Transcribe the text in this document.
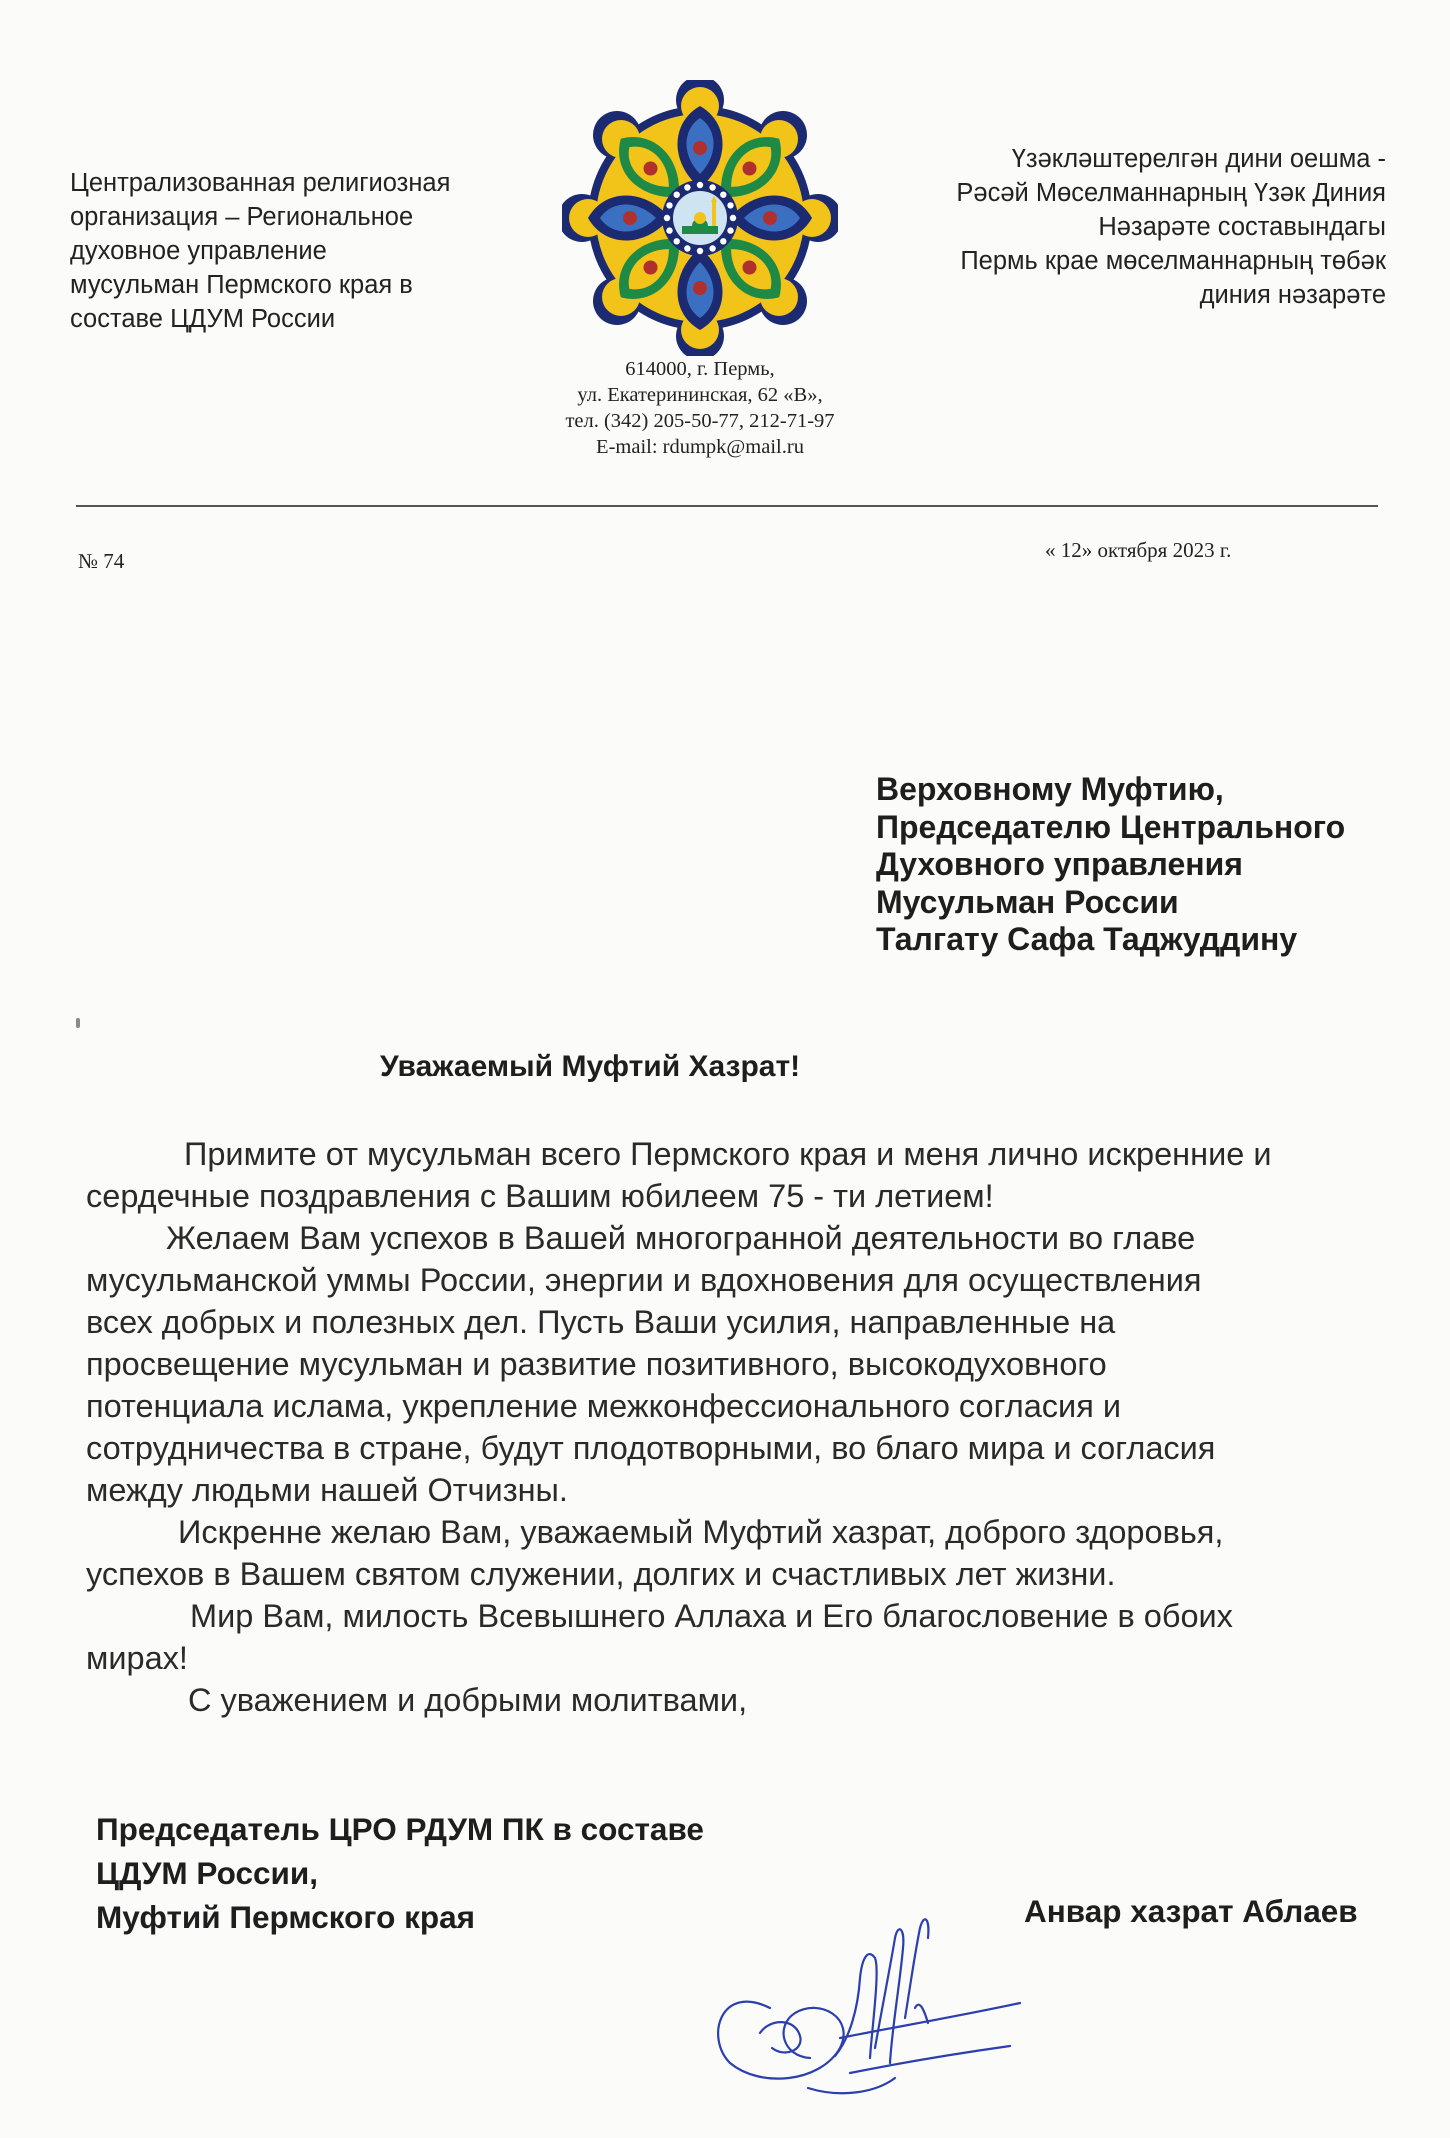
Централизованная религиозная
организация – Региональное
духовное управление
мусульман Пермского края в
составе ЦДУМ России
Үзәкләштерелгән дини оешма -
Рәсәй Мөселманнарның Үзәк Диния
Нәзарәте составындагы
Пермь крае мөселманнарның төбәк
диния нәзарәте
614000, г. Пермь,
ул. Екатерининская, 62 «В»,
тел. (342) 205-50-77, 212-71-97
E-mail: rdumpk@mail.ru
№ 74	« 12» октября 2023 г.
Верховному Муфтию,
Председателю Центрального
Духовного управления
Мусульман России
Талгату Сафа Таджуддину
Уважаемый Муфтий Хазрат!
Примите от мусульман всего Пермского края и меня лично искренние и
сердечные поздравления с Вашим юбилеем 75 - ти летием!
Желаем Вам успехов в Вашей многогранной деятельности во главе
мусульманской уммы России, энергии и вдохновения для осуществления
всех добрых и полезных дел. Пусть Ваши усилия, направленные на
просвещение мусульман и развитие позитивного, высокодуховного
потенциала ислама, укрепление межконфессионального согласия и
сотрудничества в стране, будут плодотворными, во благо мира и согласия
между людьми нашей Отчизны.
Искренне желаю Вам, уважаемый Муфтий хазрат, доброго здоровья,
успехов в Вашем святом служении, долгих и счастливых лет жизни.
Мир Вам, милость Всевышнего Аллаха и Его благословение в обоих
мирах!
С уважением и добрыми молитвами,
Председатель ЦРО РДУМ ПК в составе
ЦДУМ России,
Муфтий Пермского края	Анвар хазрат Аблаев
